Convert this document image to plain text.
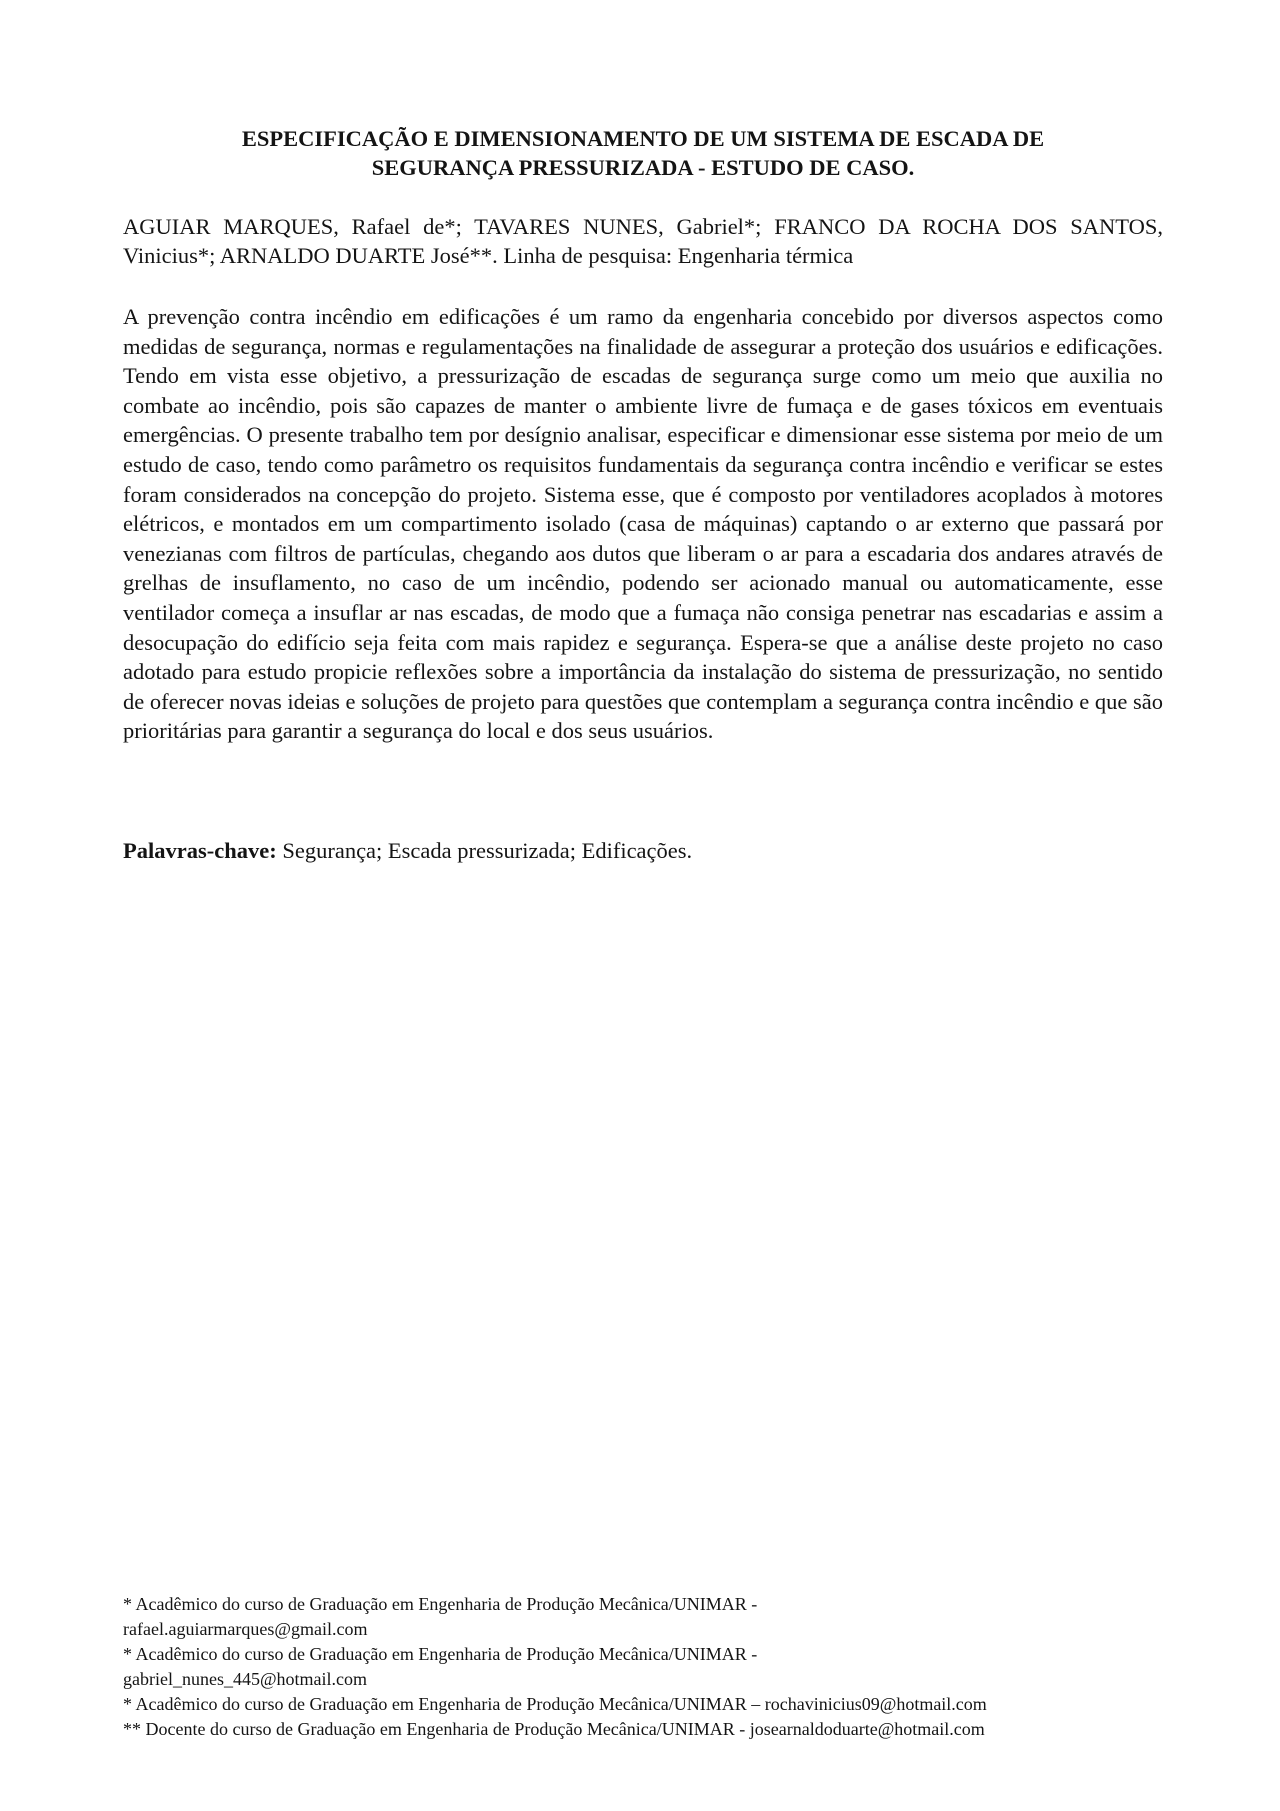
ESPECIFICAÇÃO E DIMENSIONAMENTO DE UM SISTEMA DE ESCADA DE
SEGURANÇA PRESSURIZADA - ESTUDO DE CASO.

AGUIAR MARQUES, Rafael de*; TAVARES NUNES, Gabriel*; FRANCO DA ROCHA DOS SANTOS, Vinicius*; ARNALDO DUARTE José**. Linha de pesquisa: Engenharia térmica

A prevenção contra incêndio em edificações é um ramo da engenharia concebido por diversos aspectos como medidas de segurança, normas e regulamentações na finalidade de assegurar a proteção dos usuários e edificações. Tendo em vista esse objetivo, a pressurização de escadas de segurança surge como um meio que auxilia no combate ao incêndio, pois são capazes de manter o ambiente livre de fumaça e de gases tóxicos em eventuais emergências. O presente trabalho tem por desígnio analisar, especificar e dimensionar esse sistema por meio de um estudo de caso, tendo como parâmetro os requisitos fundamentais da segurança contra incêndio e verificar se estes foram considerados na concepção do projeto. Sistema esse, que é composto por ventiladores acoplados à motores elétricos, e montados em um compartimento isolado (casa de máquinas) captando o ar externo que passará por venezianas com filtros de partículas, chegando aos dutos que liberam o ar para a escadaria dos andares através de grelhas de insuflamento, no caso de um incêndio, podendo ser acionado manual ou automaticamente, esse ventilador começa a insuflar ar nas escadas, de modo que a fumaça não consiga penetrar nas escadarias e assim a desocupação do edifício seja feita com mais rapidez e segurança. Espera-se que a análise deste projeto no caso adotado para estudo propicie reflexões sobre a importância da instalação do sistema de pressurização, no sentido de oferecer novas ideias e soluções de projeto para questões que contemplam a segurança contra incêndio e que são prioritárias para garantir a segurança do local e dos seus usuários.

Palavras-chave: Segurança; Escada pressurizada; Edificações.

* Acadêmico do curso de Graduação em Engenharia de Produção Mecânica/UNIMAR -

rafael.aguiarmarques@gmail.com

* Acadêmico do curso de Graduação em Engenharia de Produção Mecânica/UNIMAR -

gabriel_nunes_445@hotmail.com

* Acadêmico do curso de Graduação em Engenharia de Produção Mecânica/UNIMAR – rochavinicius09@hotmail.com

** Docente do curso de Graduação em Engenharia de Produção Mecânica/UNIMAR - josearnaldoduarte@hotmail.com
